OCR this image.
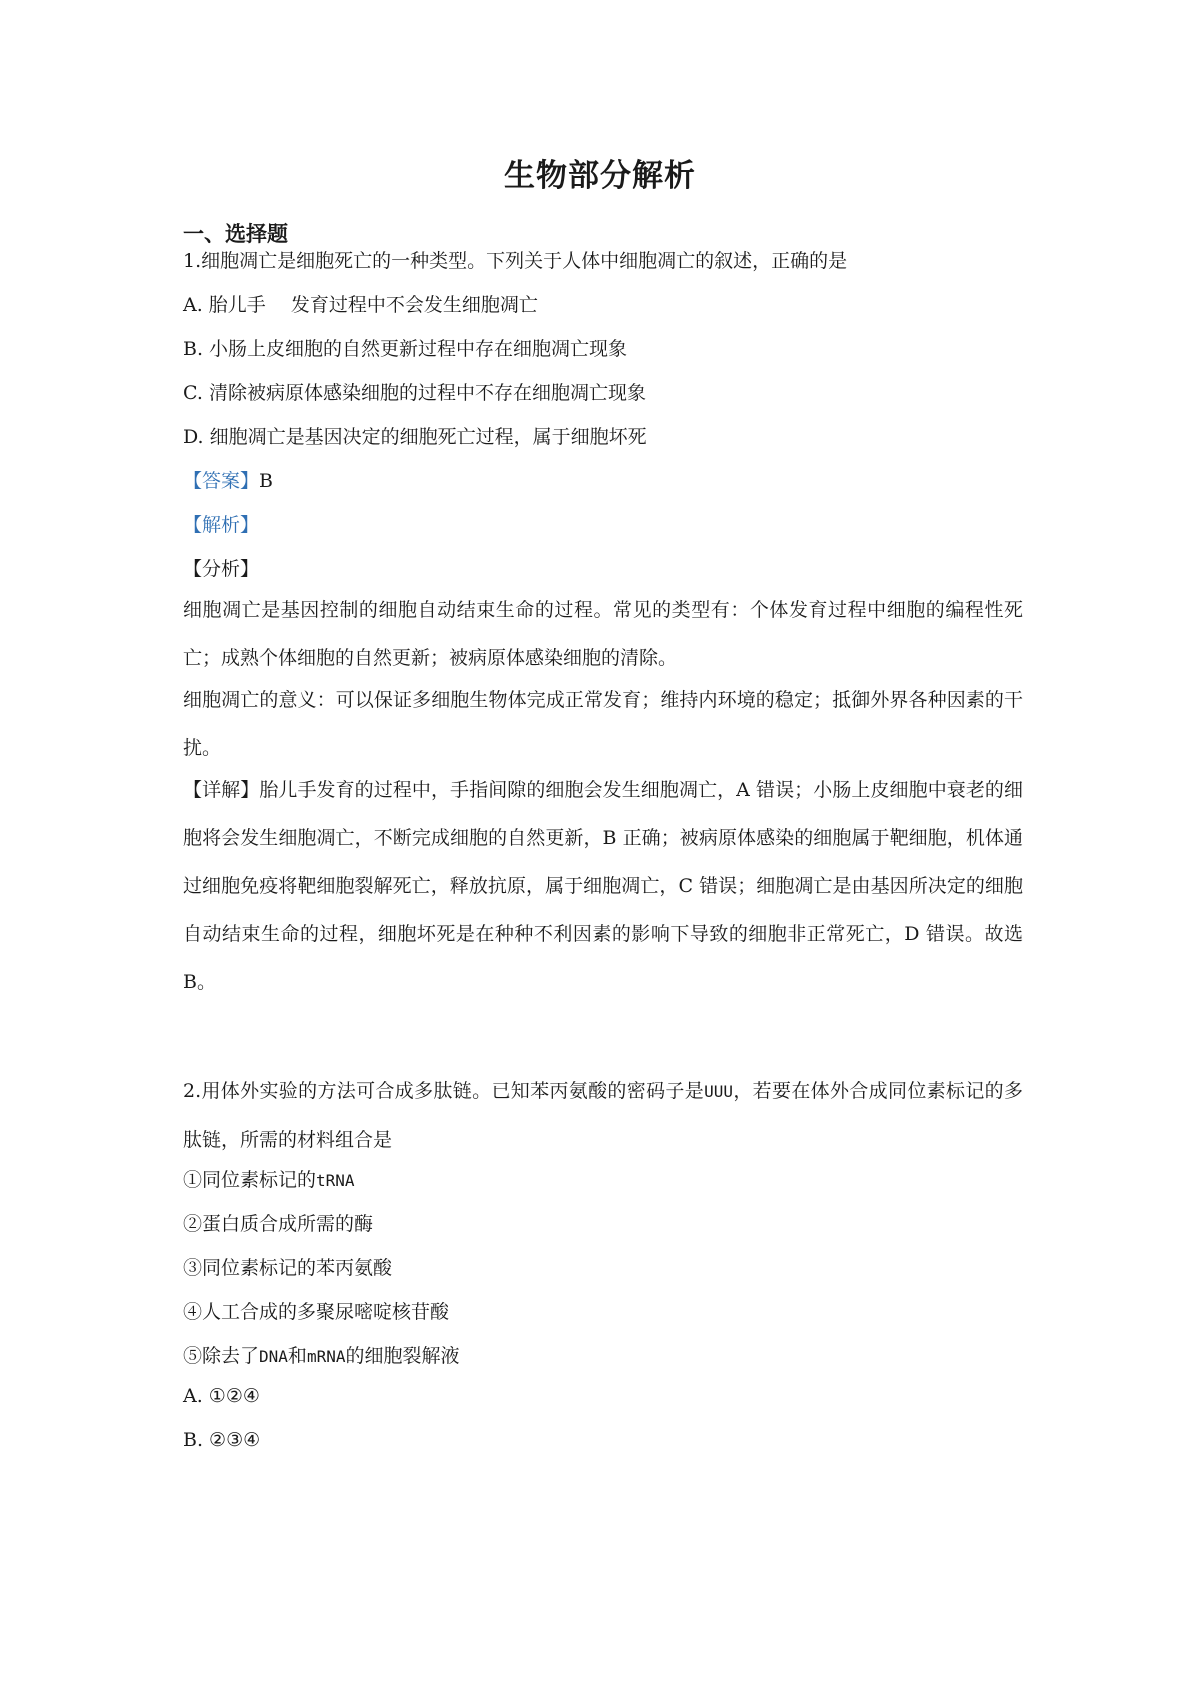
生物部分解析
一、选择题
1.细胞凋亡是细胞死亡的一种类型。下列关于人体中细胞凋亡的叙述，正确的是
A. 胎儿手　 发育过程中不会发生细胞凋亡
B. 小肠上皮细胞的自然更新过程中存在细胞凋亡现象
C. 清除被病原体感染细胞的过程中不存在细胞凋亡现象
D. 细胞凋亡是基因决定的细胞死亡过程，属于细胞坏死
【答案】B
【解析】
【分析】
细胞凋亡是基因控制的细胞自动结束生命的过程。常见的类型有：个体发育过程中细胞的编程性死亡；成熟个体细胞的自然更新；被病原体感染细胞的清除。
细胞凋亡的意义：可以保证多细胞生物体完成正常发育；维持内环境的稳定；抵御外界各种因素的干扰。
【详解】胎儿手发育的过程中，手指间隙的细胞会发生细胞凋亡，A 错误；小肠上皮细胞中衰老的细胞将会发生细胞凋亡，不断完成细胞的自然更新，B 正确；被病原体感染的细胞属于靶细胞，机体通过细胞免疫将靶细胞裂解死亡，释放抗原，属于细胞凋亡，C 错误；细胞凋亡是由基因所决定的细胞自动结束生命的过程，细胞坏死是在种种不利因素的影响下导致的细胞非正常死亡，D 错误。故选 B。
2.用体外实验的方法可合成多肽链。已知苯丙氨酸的密码子是UUU，若要在体外合成同位素标记的多肽链，所需的材料组合是
①同位素标记的tRNA
②蛋白质合成所需的酶
③同位素标记的苯丙氨酸
④人工合成的多聚尿嘧啶核苷酸
⑤除去了DNA和mRNA的细胞裂解液
A. ①②④
B. ②③④
